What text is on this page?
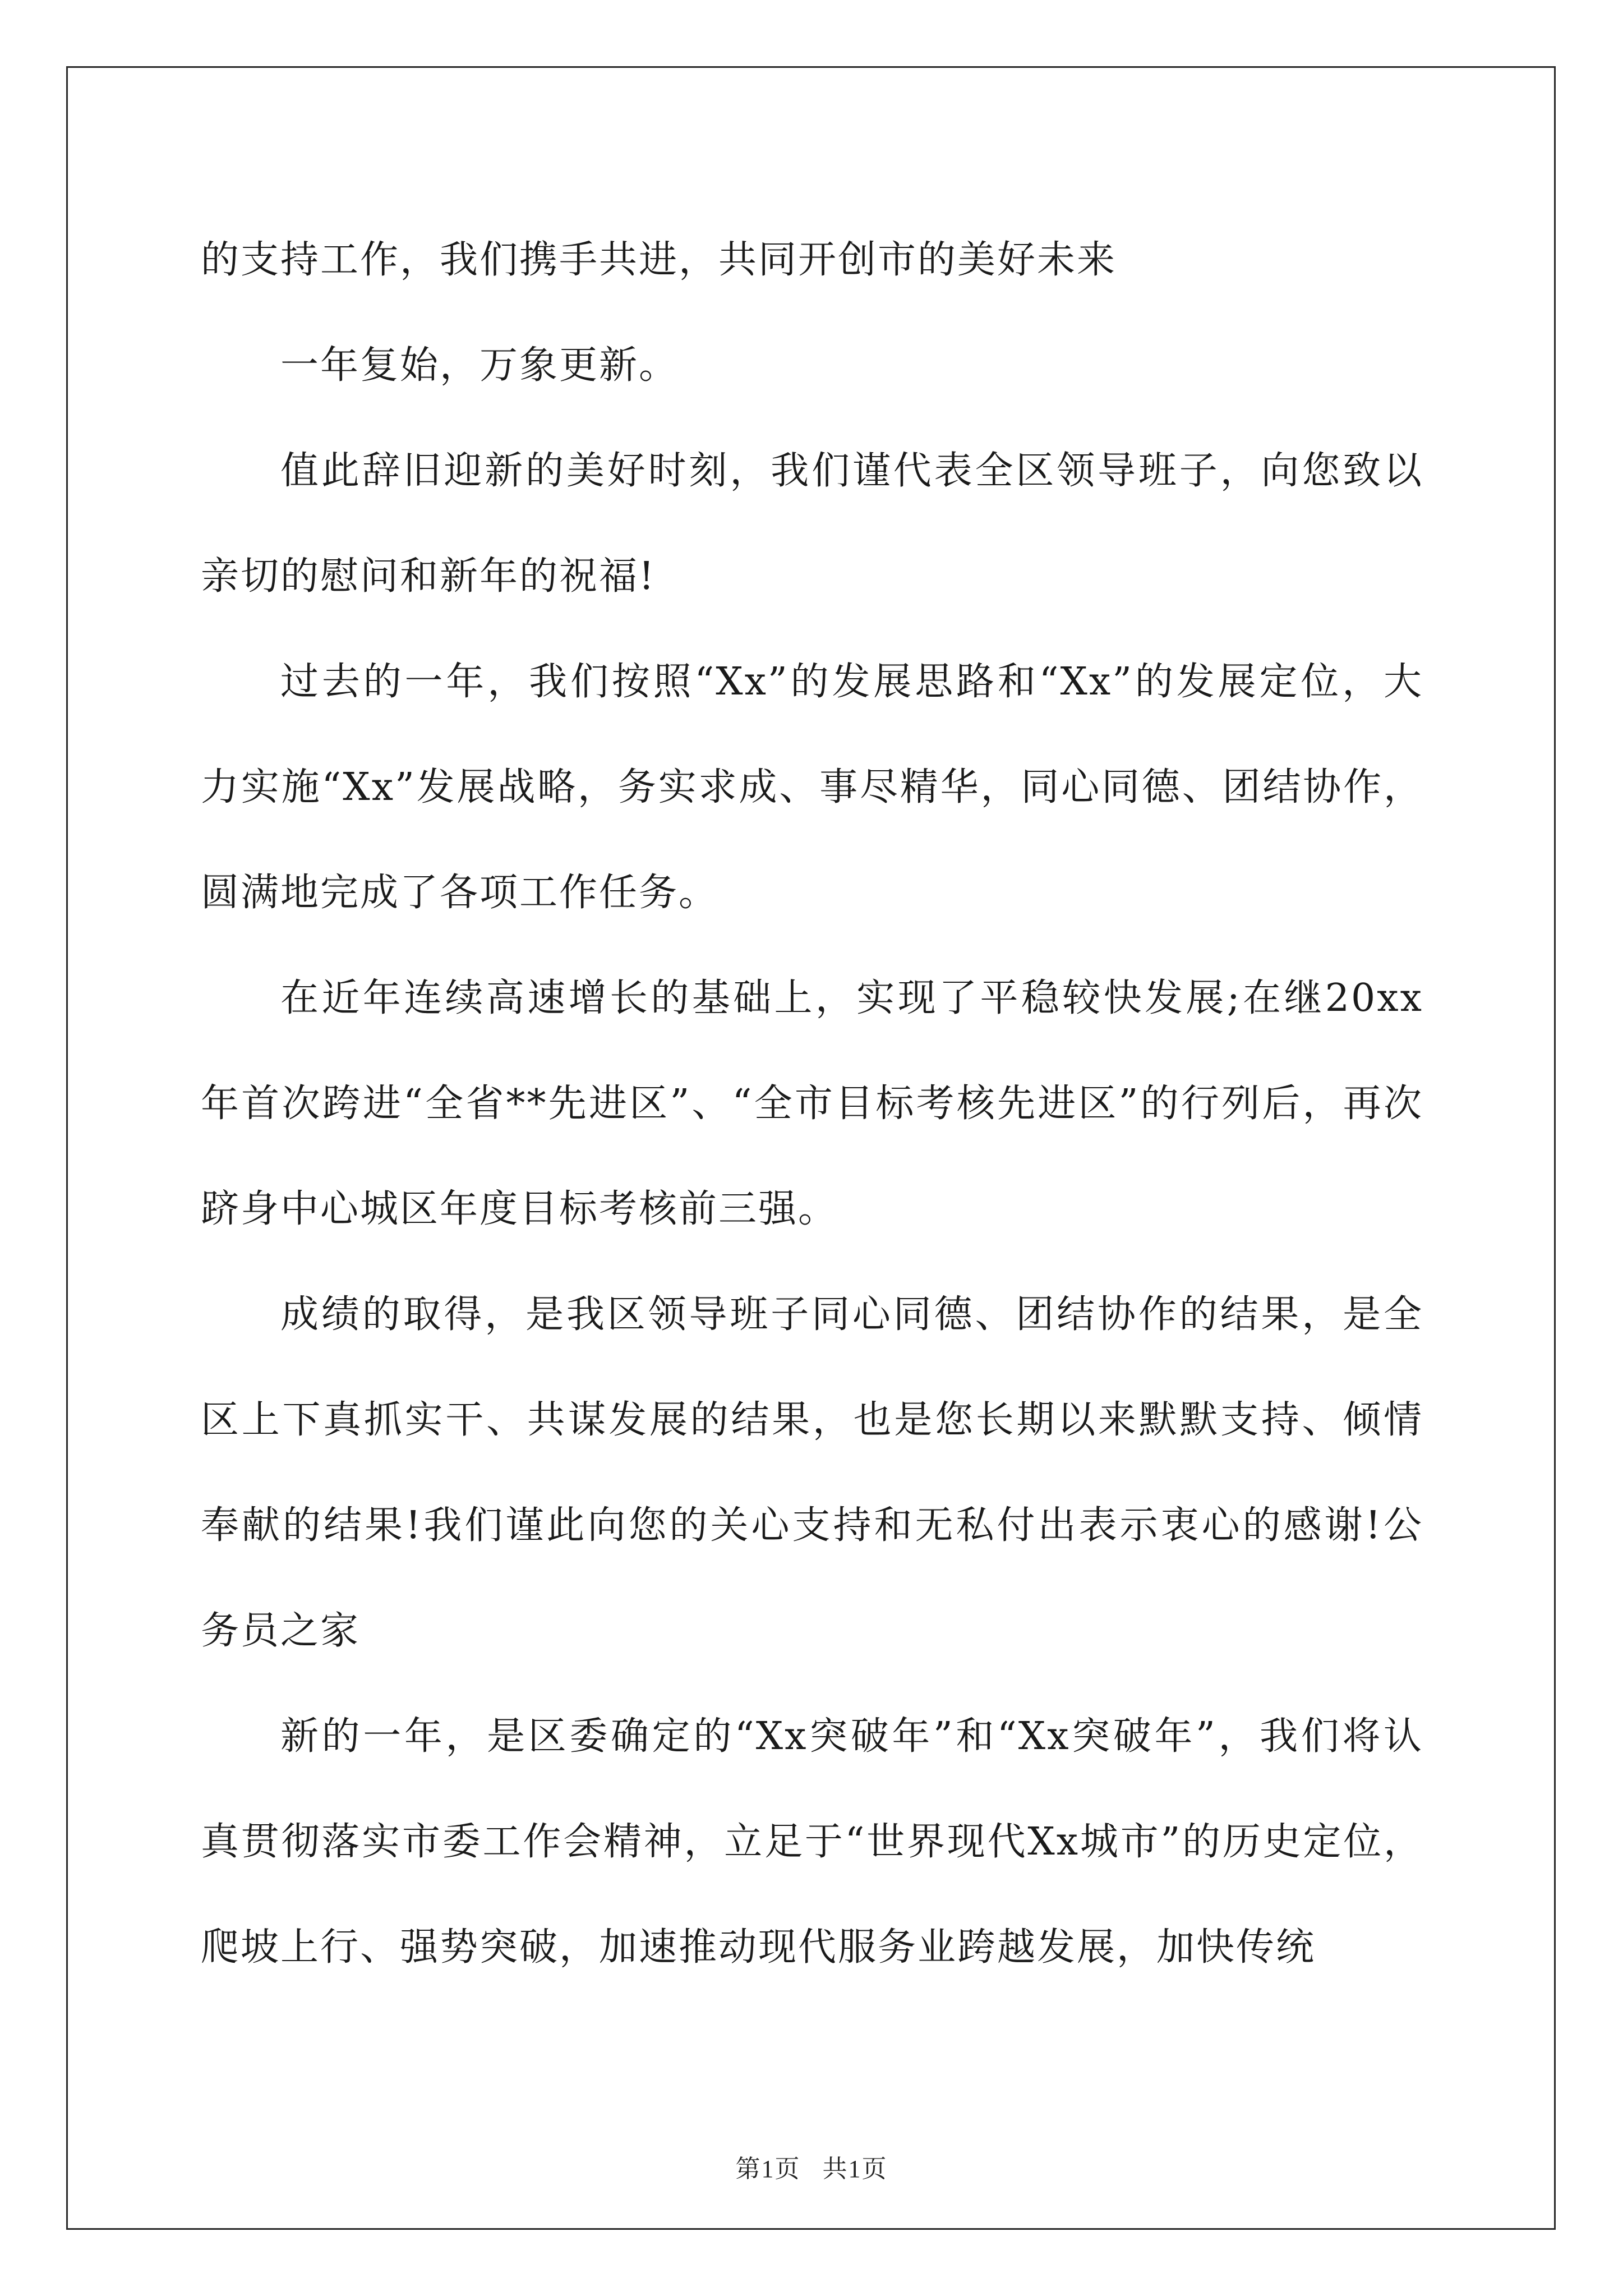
的支持工作，我们携手共进，共同开创市的美好未来

一年复始，万象更新。

值此辞旧迎新的美好时刻，我们谨代表全区领导班子，向您致以亲切的慰问和新年的祝福!

过去的一年，我们按照“Xx”的发展思路和“Xx”的发展定位，大力实施“Xx”发展战略，务实求成、事尽精华，同心同德、团结协作，圆满地完成了各项工作任务。

在近年连续高速增长的基础上，实现了平稳较快发展;在继20xx年首次跨进“全省**先进区”、“全市目标考核先进区”的行列后，再次跻身中心城区年度目标考核前三强。

成绩的取得，是我区领导班子同心同德、团结协作的结果，是全区上下真抓实干、共谋发展的结果，也是您长期以来默默支持、倾情奉献的结果!我们谨此向您的关心支持和无私付出表示衷心的感谢!公务员之家

新的一年，是区委确定的“Xx突破年”和“Xx突破年”，我们将认真贯彻落实市委工作会精神，立足于“世界现代Xx城市”的历史定位，爬坡上行、强势突破，加速推动现代服务业跨越发展，加快传统

第1页   共1页
